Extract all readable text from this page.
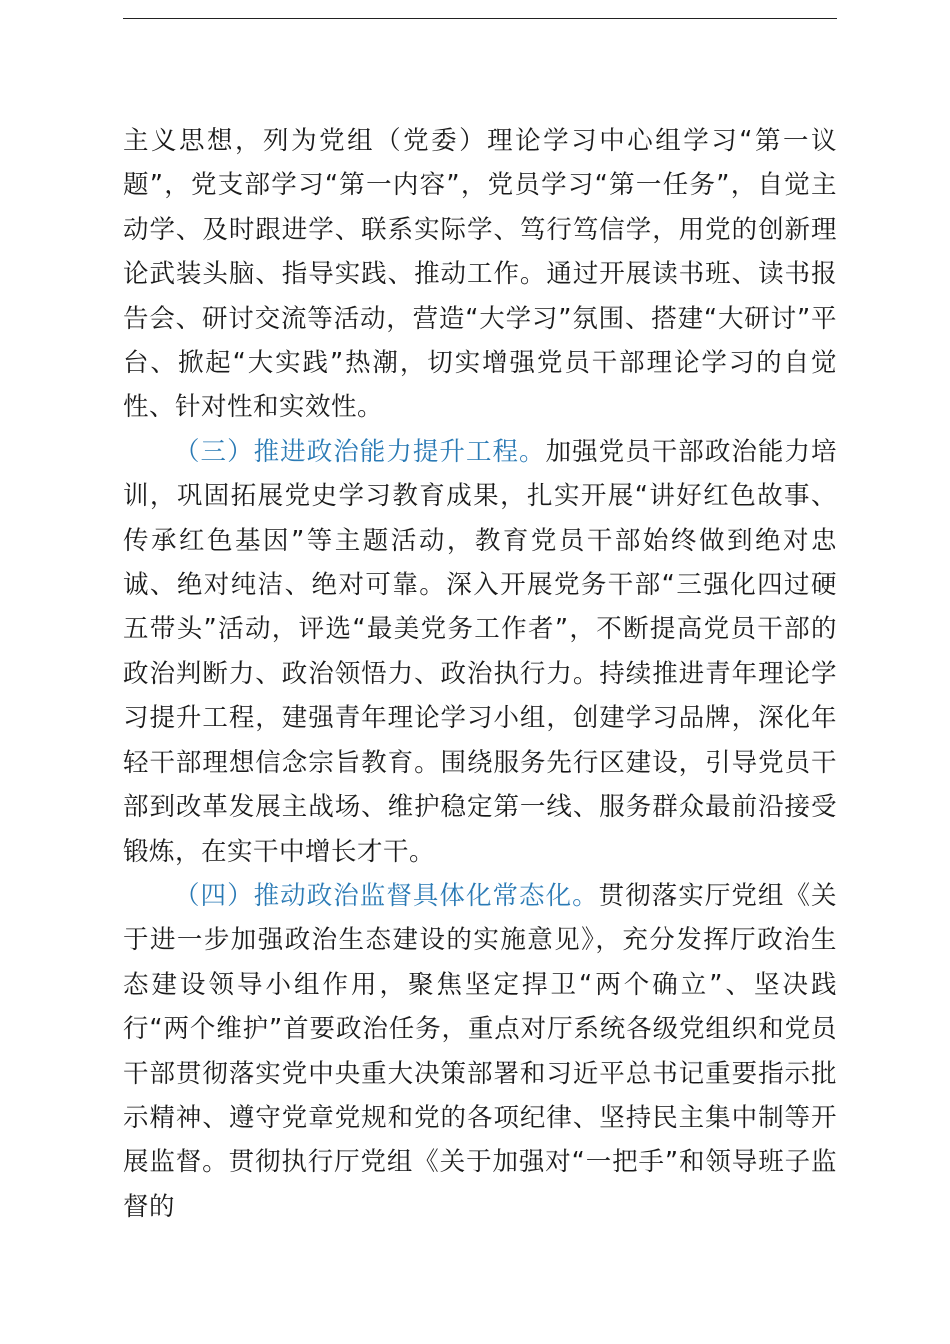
主义思想，列为党组（党委）理论学习中心组学习“第一议题”，党支部学习“第一内容”，党员学习“第一任务”，自觉主动学、及时跟进学、联系实际学、笃行笃信学，用党的创新理论武装头脑、指导实践、推动工作。通过开展读书班、读书报告会、研讨交流等活动，营造“大学习”氛围、搭建“大研讨”平台、掀起“大实践”热潮，切实增强党员干部理论学习的自觉性、针对性和实效性。

（三）推进政治能力提升工程。加强党员干部政治能力培训，巩固拓展党史学习教育成果，扎实开展“讲好红色故事、传承红色基因”等主题活动，教育党员干部始终做到绝对忠诚、绝对纯洁、绝对可靠。深入开展党务干部“三强化四过硬五带头”活动，评选“最美党务工作者”，不断提高党员干部的政治判断力、政治领悟力、政治执行力。持续推进青年理论学习提升工程，建强青年理论学习小组，创建学习品牌，深化年轻干部理想信念宗旨教育。围绕服务先行区建设，引导党员干部到改革发展主战场、维护稳定第一线、服务群众最前沿接受锻炼，在实干中增长才干。

（四）推动政治监督具体化常态化。贯彻落实厅党组《关于进一步加强政治生态建设的实施意见》，充分发挥厅政治生态建设领导小组作用，聚焦坚定捍卫“两个确立”、坚决践行“两个维护”首要政治任务，重点对厅系统各级党组织和党员干部贯彻落实党中央重大决策部署和习近平总书记重要指示批示精神、遵守党章党规和党的各项纪律、坚持民主集中制等开展监督。贯彻执行厅党组《关于加强对“一把手”和领导班子监督的
